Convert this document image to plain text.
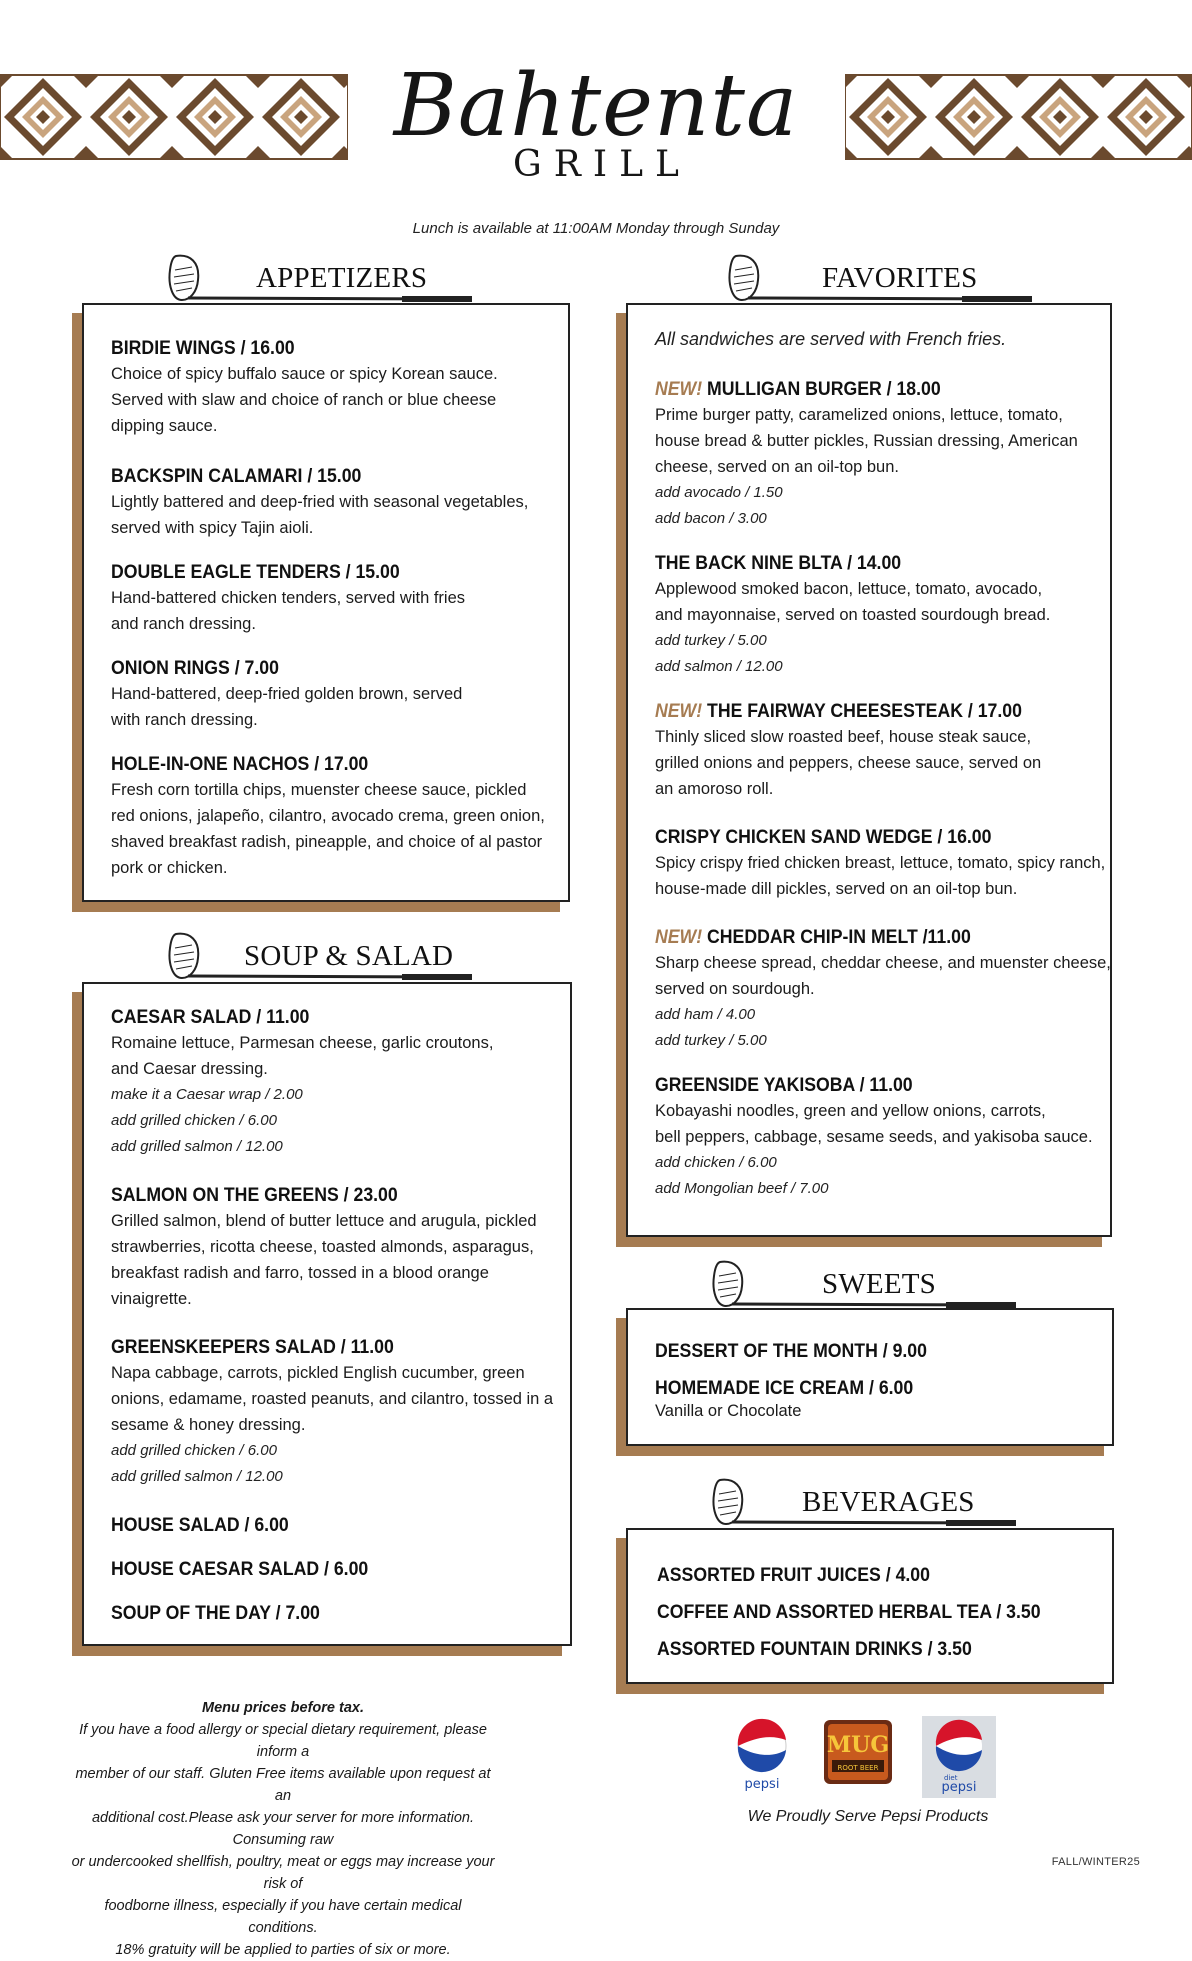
Bahtenta
GRILL
Lunch is available at 11:00AM Monday through Sunday
APPETIZERS
SOUP & SALAD
FAVORITES
SWEETS
BEVERAGES
BIRDIE WINGS / 16.00
Choice of spicy buffalo sauce or spicy Korean sauce.
Served with slaw and choice of ranch or blue cheese
dipping sauce.
BACKSPIN CALAMARI / 15.00
Lightly battered and deep-fried with seasonal vegetables,
served with spicy Tajin aioli.
DOUBLE EAGLE TENDERS / 15.00
Hand-battered chicken tenders, served with fries
and ranch dressing.
ONION RINGS / 7.00
Hand-battered, deep-fried golden brown, served
with ranch dressing.
HOLE-IN-ONE NACHOS / 17.00
Fresh corn tortilla chips, muenster cheese sauce, pickled
red onions, jalapeño, cilantro, avocado crema, green onion,
shaved breakfast radish, pineapple, and choice of al pastor
pork or chicken.
CAESAR SALAD / 11.00
Romaine lettuce, Parmesan cheese, garlic croutons,
and Caesar dressing.
make it a Caesar wrap / 2.00
add grilled chicken / 6.00
add grilled salmon / 12.00
SALMON ON THE GREENS / 23.00
Grilled salmon, blend of butter lettuce and arugula, pickled
strawberries, ricotta cheese, toasted almonds, asparagus,
breakfast radish and farro, tossed in a blood orange
vinaigrette.
GREENSKEEPERS SALAD / 11.00
Napa cabbage, carrots, pickled English cucumber, green
onions, edamame, roasted peanuts, and cilantro, tossed in a
sesame & honey dressing.
add grilled chicken / 6.00
add grilled salmon / 12.00
HOUSE SALAD / 6.00
HOUSE CAESAR SALAD / 6.00
SOUP OF THE DAY / 7.00
All sandwiches are served with French fries.
NEW! MULLIGAN BURGER / 18.00
Prime burger patty, caramelized onions, lettuce, tomato,
house bread & butter pickles, Russian dressing, American
cheese, served on an oil-top bun.
add avocado / 1.50
add bacon / 3.00
THE BACK NINE BLTA / 14.00
Applewood smoked bacon, lettuce, tomato, avocado,
and mayonnaise, served on toasted sourdough bread.
add turkey / 5.00
add salmon / 12.00
NEW! THE FAIRWAY CHEESESTEAK / 17.00
Thinly sliced slow roasted beef, house steak sauce,
grilled onions and peppers, cheese sauce, served on
an amoroso roll.
CRISPY CHICKEN SAND WEDGE / 16.00
Spicy crispy fried chicken breast, lettuce, tomato, spicy ranch,
house-made dill pickles, served on an oil-top bun.
NEW! CHEDDAR CHIP-IN MELT /11.00
Sharp cheese spread, cheddar cheese, and muenster cheese,
served on sourdough.
add ham / 4.00
add turkey / 5.00
GREENSIDE YAKISOBA / 11.00
Kobayashi noodles, green and yellow onions, carrots,
bell peppers, cabbage, sesame seeds, and yakisoba sauce.
add chicken / 6.00
add Mongolian beef / 7.00
DESSERT OF THE MONTH / 9.00
HOMEMADE ICE CREAM / 6.00
Vanilla or Chocolate
ASSORTED FRUIT JUICES / 4.00
COFFEE AND ASSORTED HERBAL TEA / 3.50
ASSORTED FOUNTAIN DRINKS / 3.50
Menu prices before tax.
If you have a food allergy or special dietary requirement, please inform a
member of our staff. Gluten Free items available upon request at an
additional cost.Please ask your server for more information. Consuming raw
or undercooked shellfish, poultry, meat or eggs may increase your risk of
foodborne illness, especially if you have certain medical conditions.
18% gratuity will be applied to parties of six or more.
pepsi
MUG
ROOT BEER
diet
pepsi
We Proudly Serve Pepsi Products
FALL/WINTER25
